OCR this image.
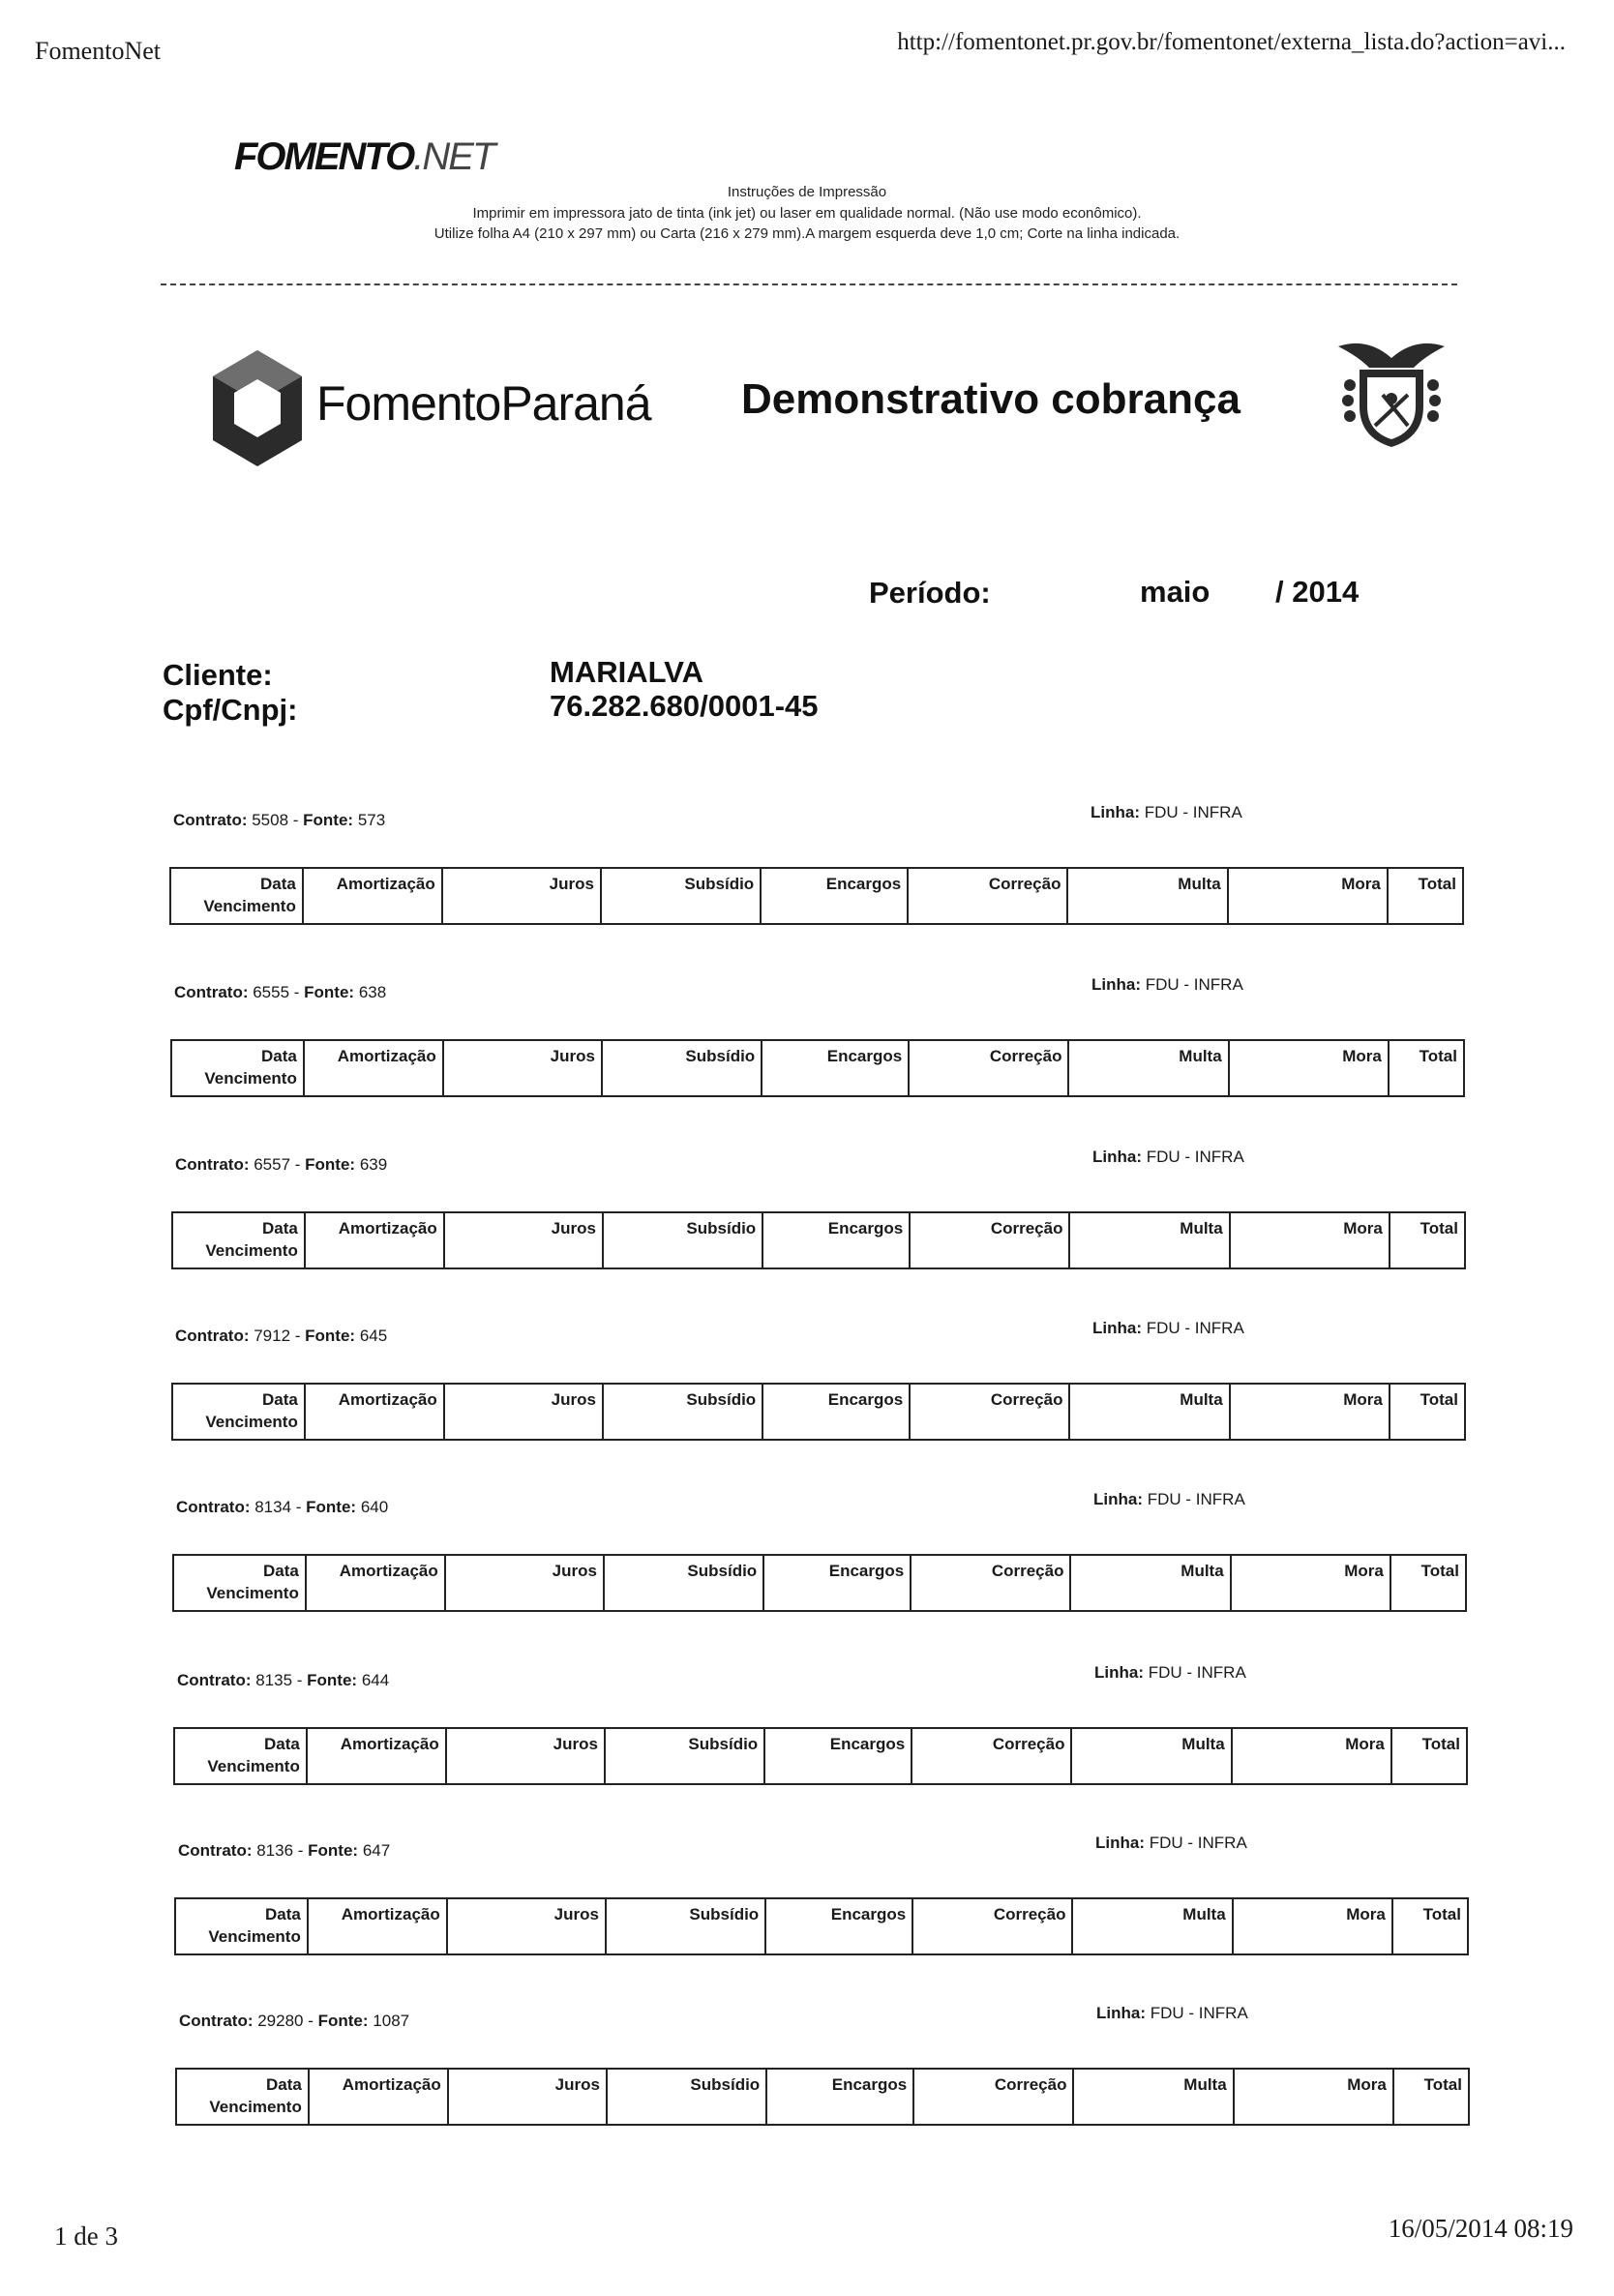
FomentoNet	http://fomentonet.pr.gov.br/fomentonet/externa_lista.do?action=avi...
FOMENTO.NET
Instruções de Impressão
Imprimir em impressora jato de tinta (ink jet) ou laser em qualidade normal. (Não use modo econômico).
Utilize folha A4 (210 x 297 mm) ou Carta (216 x 279 mm).A margem esquerda deve 1,0 cm; Corte na linha indicada.
FomentoParaná Demonstrativo cobrança
Período:	maio / 2014
Cliente:
Cpf/Cnpj:
MARIALVA
76.282.680/0001-45
Contrato: 5508 - Fonte: 573	Linha: FDU - INFRA
Data Vencimento	Amortização	Juros	Subsídio	Encargos	Correção	Multa	Mora	Total
Contrato: 6555 - Fonte: 638	Linha: FDU - INFRA
Data Vencimento	Amortização	Juros	Subsídio	Encargos	Correção	Multa	Mora	Total
Contrato: 6557 - Fonte: 639	Linha: FDU - INFRA
Data Vencimento	Amortização	Juros	Subsídio	Encargos	Correção	Multa	Mora	Total
Contrato: 7912 - Fonte: 645	Linha: FDU - INFRA
Data Vencimento	Amortização	Juros	Subsídio	Encargos	Correção	Multa	Mora	Total
Contrato: 8134 - Fonte: 640	Linha: FDU - INFRA
Data Vencimento	Amortização	Juros	Subsídio	Encargos	Correção	Multa	Mora	Total
Contrato: 8135 - Fonte: 644	Linha: FDU - INFRA
Data Vencimento	Amortização	Juros	Subsídio	Encargos	Correção	Multa	Mora	Total
Contrato: 8136 - Fonte: 647	Linha: FDU - INFRA
Data Vencimento	Amortização	Juros	Subsídio	Encargos	Correção	Multa	Mora	Total
Contrato: 29280 - Fonte: 1087	Linha: FDU - INFRA
Data Vencimento	Amortização	Juros	Subsídio	Encargos	Correção	Multa	Mora	Total
1 de 3	16/05/2014 08:19
